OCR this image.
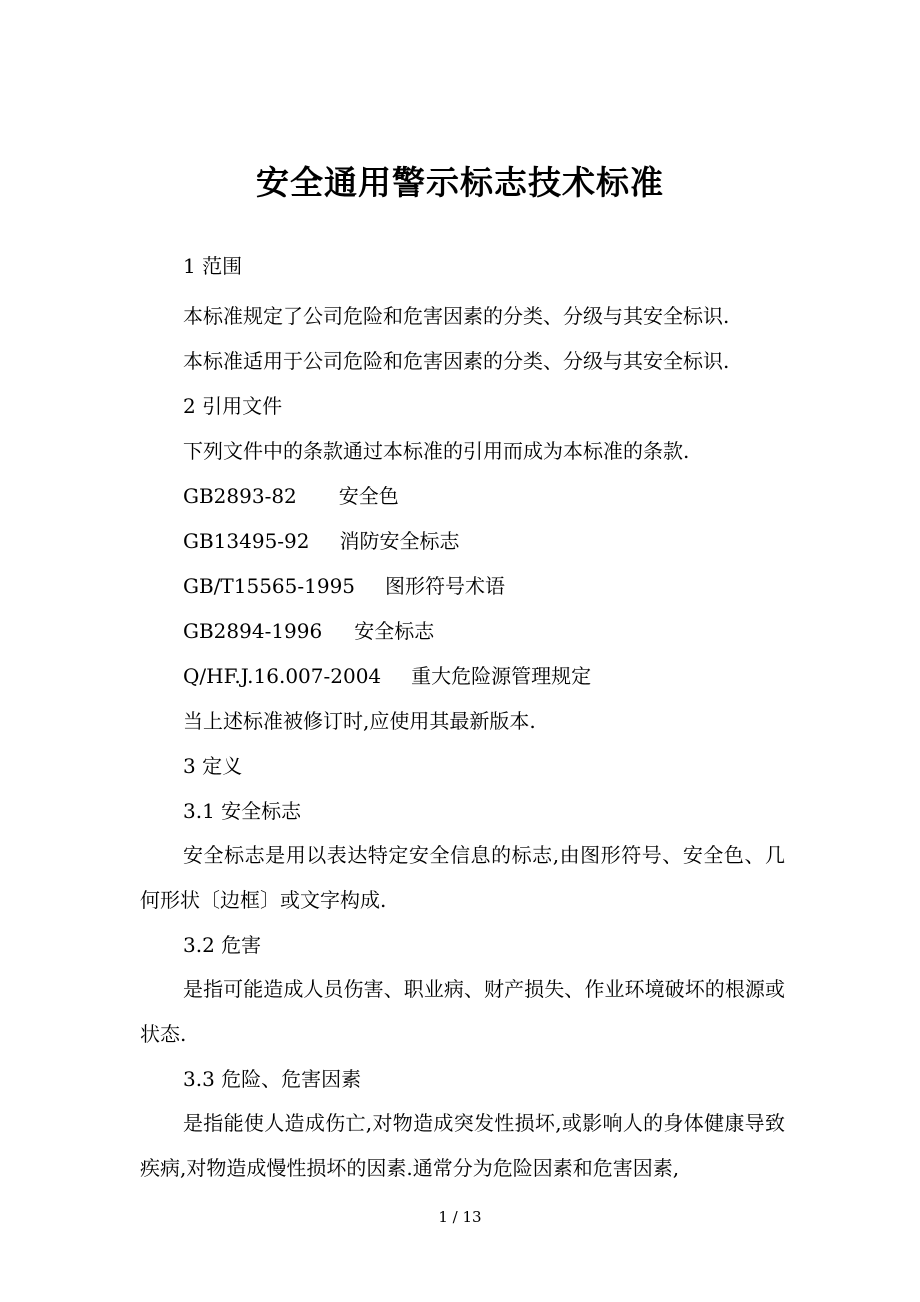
安全通用警示标志技术标准
1 范围
本标准规定了公司危险和危害因素的分类、分级与其安全标识.
本标准适用于公司危险和危害因素的分类、分级与其安全标识.
2 引用文件
下列文件中的条款通过本标准的引用而成为本标准的条款.
GB2893-82 安全色
GB13495-92 消防安全标志
GB/T15565-1995 图形符号术语
GB2894-1996 安全标志
Q/HF.J.16.007-2004 重大危险源管理规定
当上述标准被修订时,应使用其最新版本.
3 定义
3.1 安全标志
安全标志是用以表达特定安全信息的标志,由图形符号、安全色、几何形状〔边框〕或文字构成.
3.2 危害
是指可能造成人员伤害、职业病、财产损失、作业环境破坏的根源或状态.
3.3 危险、危害因素
是指能使人造成伤亡,对物造成突发性损坏,或影响人的身体健康导致疾病,对物造成慢性损坏的因素.通常分为危险因素和危害因素,
1 / 13
